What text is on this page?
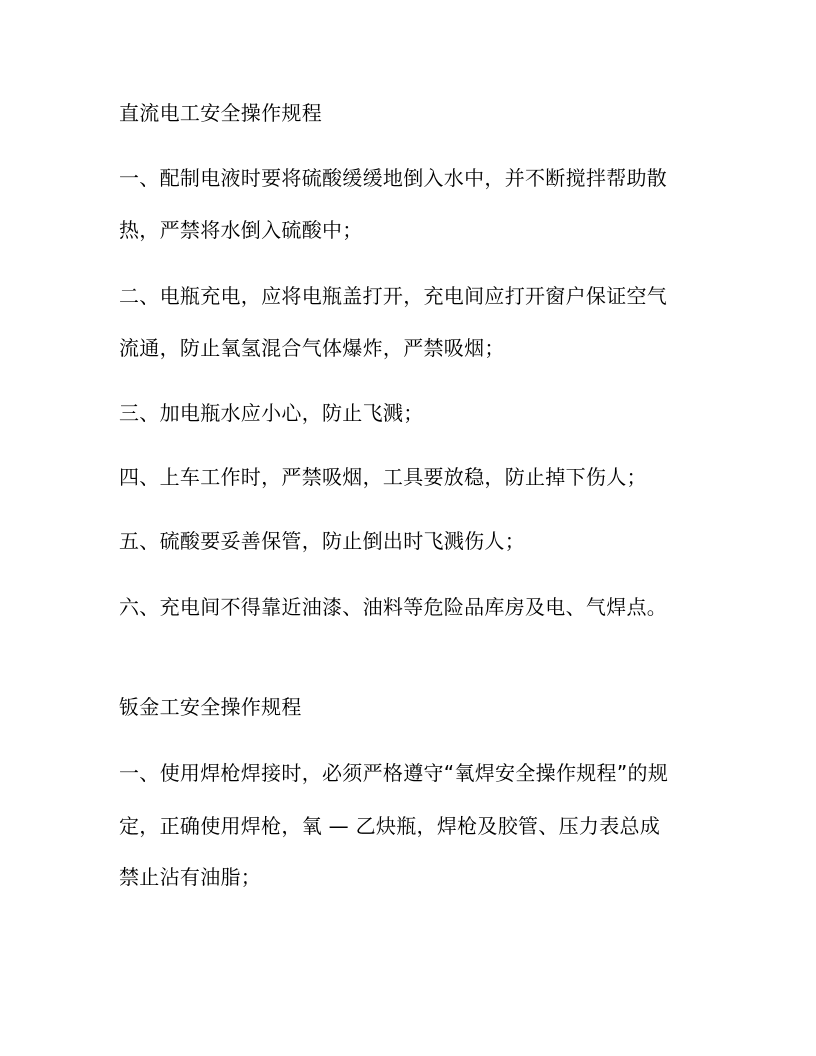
直流电工安全操作规程
一、配制电液时要将硫酸缓缓地倒入水中，并不断搅拌帮助散
热，严禁将水倒入硫酸中；
二、电瓶充电，应将电瓶盖打开，充电间应打开窗户保证空气
流通，防止氧氢混合气体爆炸，严禁吸烟；
三、加电瓶水应小心，防止飞溅；
四、上车工作时，严禁吸烟，工具要放稳，防止掉下伤人；
五、硫酸要妥善保管，防止倒出时飞溅伤人；
六、充电间不得靠近油漆、油料等危险品库房及电、气焊点。
钣金工安全操作规程
一、使用焊枪焊接时，必须严格遵守“氧焊安全操作规程”的规
定，正确使用焊枪，氧 — 乙炔瓶，焊枪及胶管、压力表总成
禁止沾有油脂；
